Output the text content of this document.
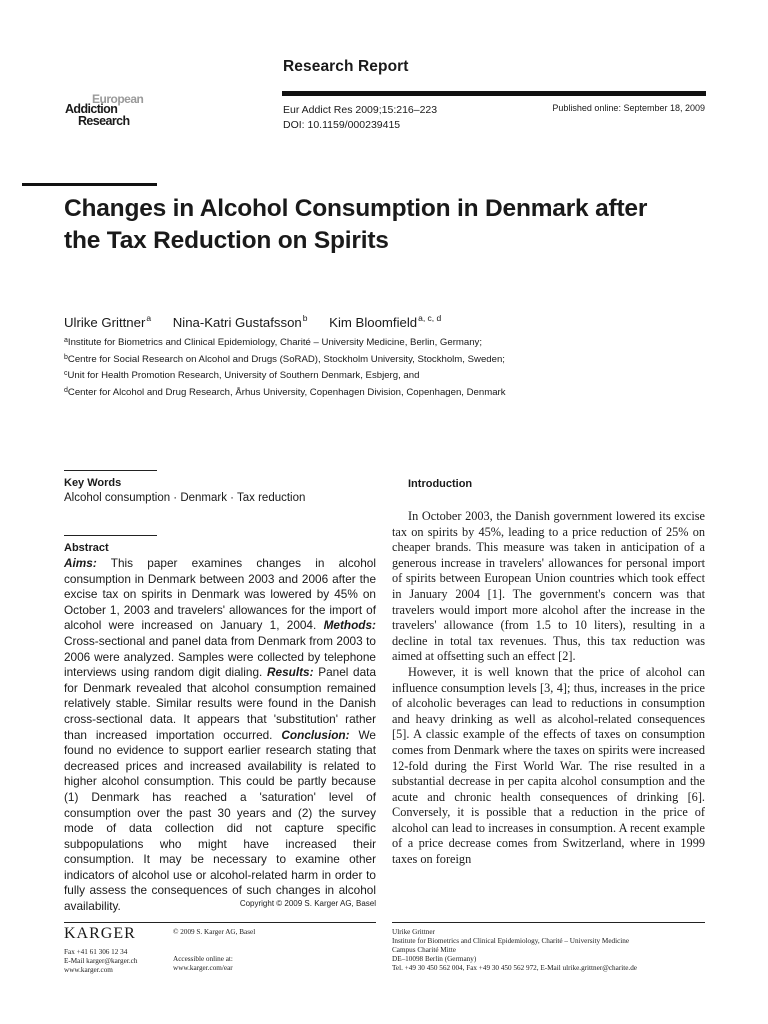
Research Report
European
Addiction
Research
Eur Addict Res 2009;15:216–223
DOI: 10.1159/000239415
Published online: September 18, 2009
Changes in Alcohol Consumption in Denmark after the Tax Reduction on Spirits
Ulrike Grittner$^a$ Nina-Katri Gustafsson$^b$ Kim Bloomfield$^{a, c, d}$
$^a$Institute for Biometrics and Clinical Epidemiology, Charité – University Medicine, Berlin, Germany;
$^b$Centre for Social Research on Alcohol and Drugs (SoRAD), Stockholm University, Stockholm, Sweden;
$^c$Unit for Health Promotion Research, University of Southern Denmark, Esbjerg, and
$^d$Center for Alcohol and Drug Research, Århus University, Copenhagen Division, Copenhagen, Denmark
Key Words
Alcohol consumption · Denmark · Tax reduction
Abstract
Aims: This paper examines changes in alcohol consumption in Denmark between 2003 and 2006 after the excise tax on spirits in Denmark was lowered by 45% on October 1, 2003 and travelers' allowances for the import of alcohol were increased on January 1, 2004. Methods: Cross-sectional and panel data from Denmark from 2003 to 2006 were analyzed. Samples were collected by telephone interviews using random digit dialing. Results: Panel data for Denmark revealed that alcohol consumption remained relatively stable. Similar results were found in the Danish cross-sectional data. It appears that 'substitution' rather than increased importation occurred. Conclusion: We found no evidence to support earlier research stating that decreased prices and increased availability is related to higher alcohol consumption. This could be partly because (1) Denmark has reached a 'saturation' level of consumption over the past 30 years and (2) the survey mode of data collection did not capture specific subpopulations who might have increased their consumption. It may be necessary to examine other indicators of alcohol use or alcohol-related harm in order to fully assess the consequences of such changes in alcohol availability.	Copyright © 2009 S. Karger AG, Basel
Introduction

In October 2003, the Danish government lowered its excise tax on spirits by 45%, leading to a price reduction of 25% on cheaper brands. This measure was taken in anticipation of a generous increase in travelers' allowances for personal import of spirits between European Union countries which took effect in January 2004 [1]. The government's concern was that travelers would import more alcohol after the increase in the travelers' allowance (from 1.5 to 10 liters), resulting in a decline in total tax revenues. Thus, this tax reduction was aimed at offsetting such an effect [2].

However, it is well known that the price of alcohol can influence consumption levels [3, 4]; thus, increases in the price of alcoholic beverages can lead to reductions in consumption and heavy drinking as well as alcohol-related consequences [5]. A classic example of the effects of taxes on consumption comes from Denmark where the taxes on spirits were increased 12-fold during the First World War. The rise resulted in a substantial decrease in per capita alcohol consumption and the acute and chronic health consequences of drinking [6]. Conversely, it is possible that a reduction in the price of alcohol can lead to increases in consumption. A recent example of a price decrease comes from Switzerland, where in 1999 taxes on foreign

KARGER
Fax +41 61 306 12 34
E-Mail karger@karger.ch
www.karger.com
© 2009 S. Karger AG, Basel
Accessible online at:
www.karger.com/ear
Ulrike Grittner
Institute for Biometrics and Clinical Epidemiology, Charité – University Medicine
Campus Charité Mitte
DE–10098 Berlin (Germany)
Tel. +49 30 450 562 004, Fax +49 30 450 562 972, E-Mail ulrike.grittner@charite.de
